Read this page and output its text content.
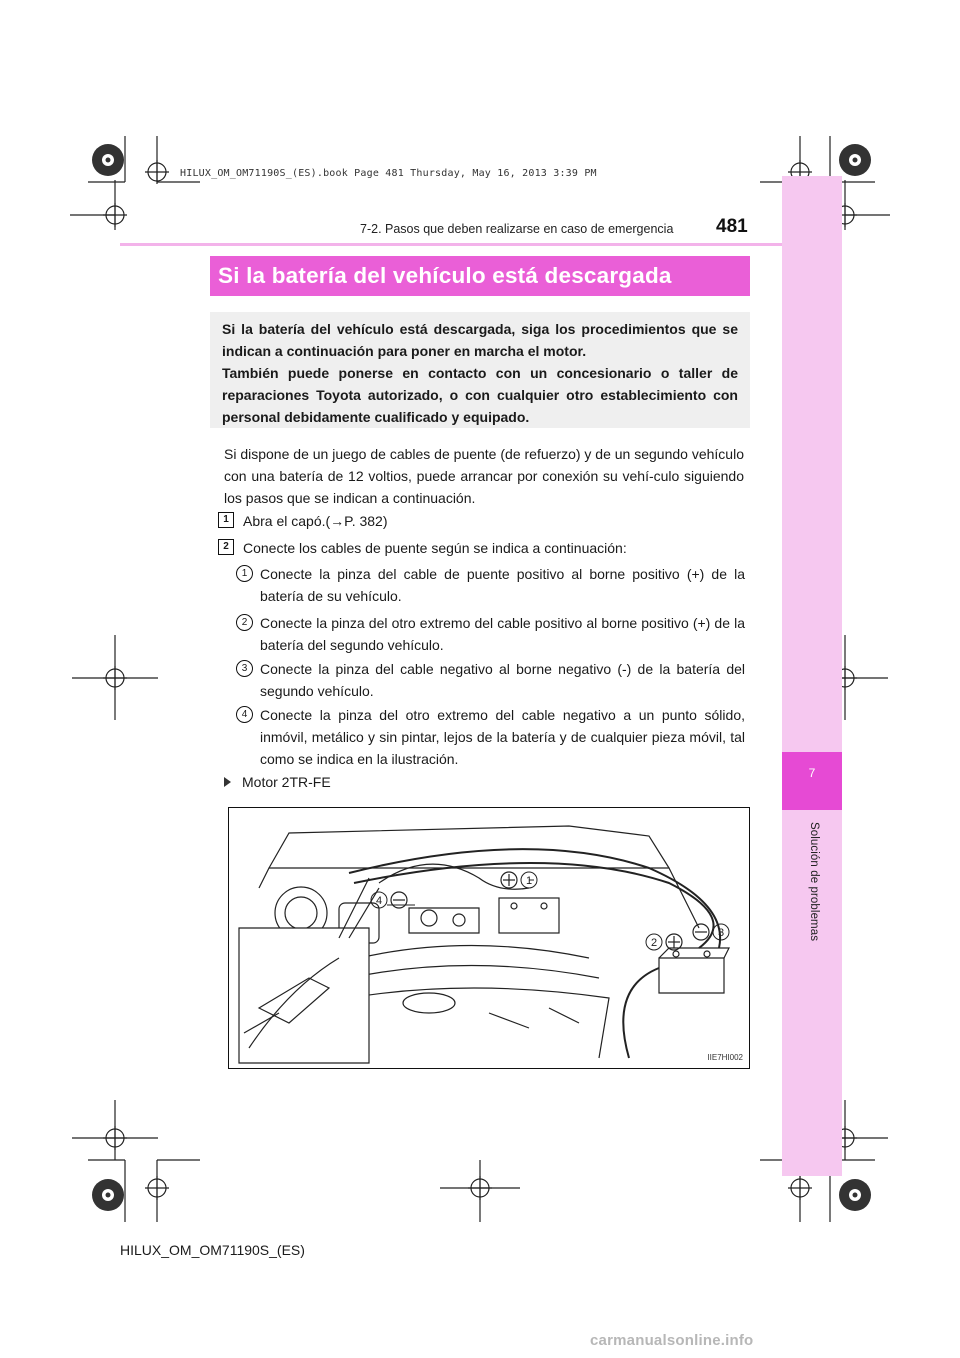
HILUX_OM_OM71190S_(ES).book Page 481 Thursday, May 16, 2013 3:39 PM
7
Solución de problemas
7-2. Pasos que deben realizarse en caso de emergencia 481
Si la batería del vehículo está descargada

Si la batería del vehículo está descargada, siga los procedimientos que se indican a continuación para poner en marcha el motor.

También puede ponerse en contacto con un concesionario o taller de reparaciones Toyota autorizado, o con cualquier otro establecimiento con personal debidamente cualificado y equipado.

Si dispone de un juego de cables de puente (de refuerzo) y de un segundo vehículo con una batería de 12 voltios, puede arrancar por conexión su vehí-culo siguiendo los pasos que se indican a continuación.
1	Abra el capó.(→P. 382)
2	Conecte los cables de puente según se indica a continuación:
1 Conecte la pinza del cable de puente positivo al borne positivo (+) de la batería de su vehículo.
2 Conecte la pinza del otro extremo del cable positivo al borne positivo (+) de la batería del segundo vehículo.
3 Conecte la pinza del cable negativo al borne negativo (-) de la batería del segundo vehículo.
4 Conecte la pinza del otro extremo del cable negativo a un punto sólido, inmóvil, metálico y sin pintar, lejos de la batería y de cualquier pieza móvil, tal como se indica en la ilustración.
Motor 2TR-FE
4
1
2
3
IIE7HI002
HILUX_OM_OM71190S_(ES)
carmanualsonline.info
